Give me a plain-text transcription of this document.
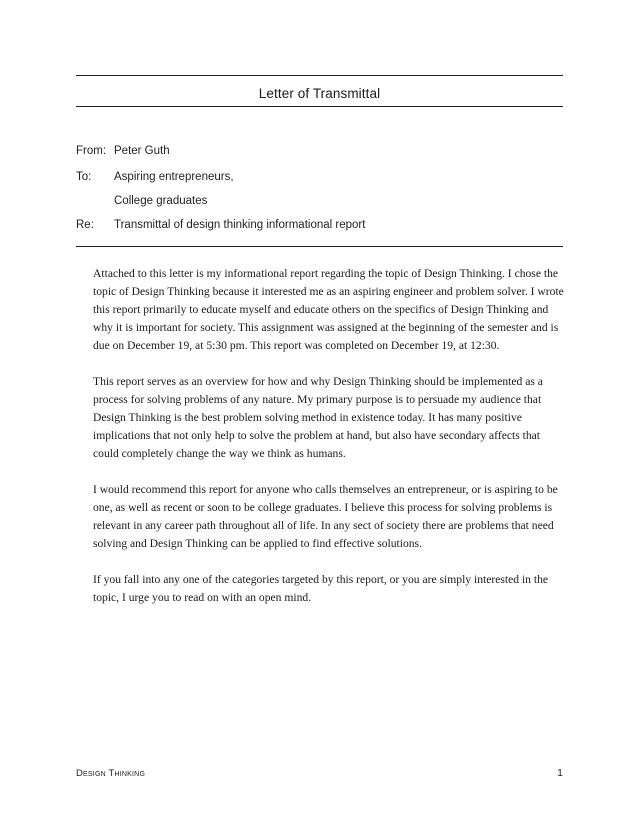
Letter of Transmittal
From: Peter Guth
To: Aspiring entrepreneurs,
College graduates
Re: Transmittal of design thinking informational report

Attached to this letter is my informational report regarding the topic of Design Thinking. I chose the topic of Design Thinking because it interested me as an aspiring engineer and problem solver. I wrote this report primarily to educate myself and educate others on the specifics of Design Thinking and why it is important for society. This assignment was assigned at the beginning of the semester and is due on December 19, at 5:30 pm. This report was completed on December 19, at 12:30.

This report serves as an overview for how and why Design Thinking should be implemented as a process for solving problems of any nature. My primary purpose is to persuade my audience that Design Thinking is the best problem solving method in existence today. It has many positive implications that not only help to solve the problem at hand, but also have secondary affects that could completely change the way we think as humans.

I would recommend this report for anyone who calls themselves an entrepreneur, or is aspiring to be one, as well as recent or soon to be college graduates. I believe this process for solving problems is relevant in any career path throughout all of life. In any sect of society there are problems that need solving and Design Thinking can be applied to find effective solutions.

If you fall into any one of the categories targeted by this report, or you are simply interested in the topic, I urge you to read on with an open mind.

Design Thinking	1
